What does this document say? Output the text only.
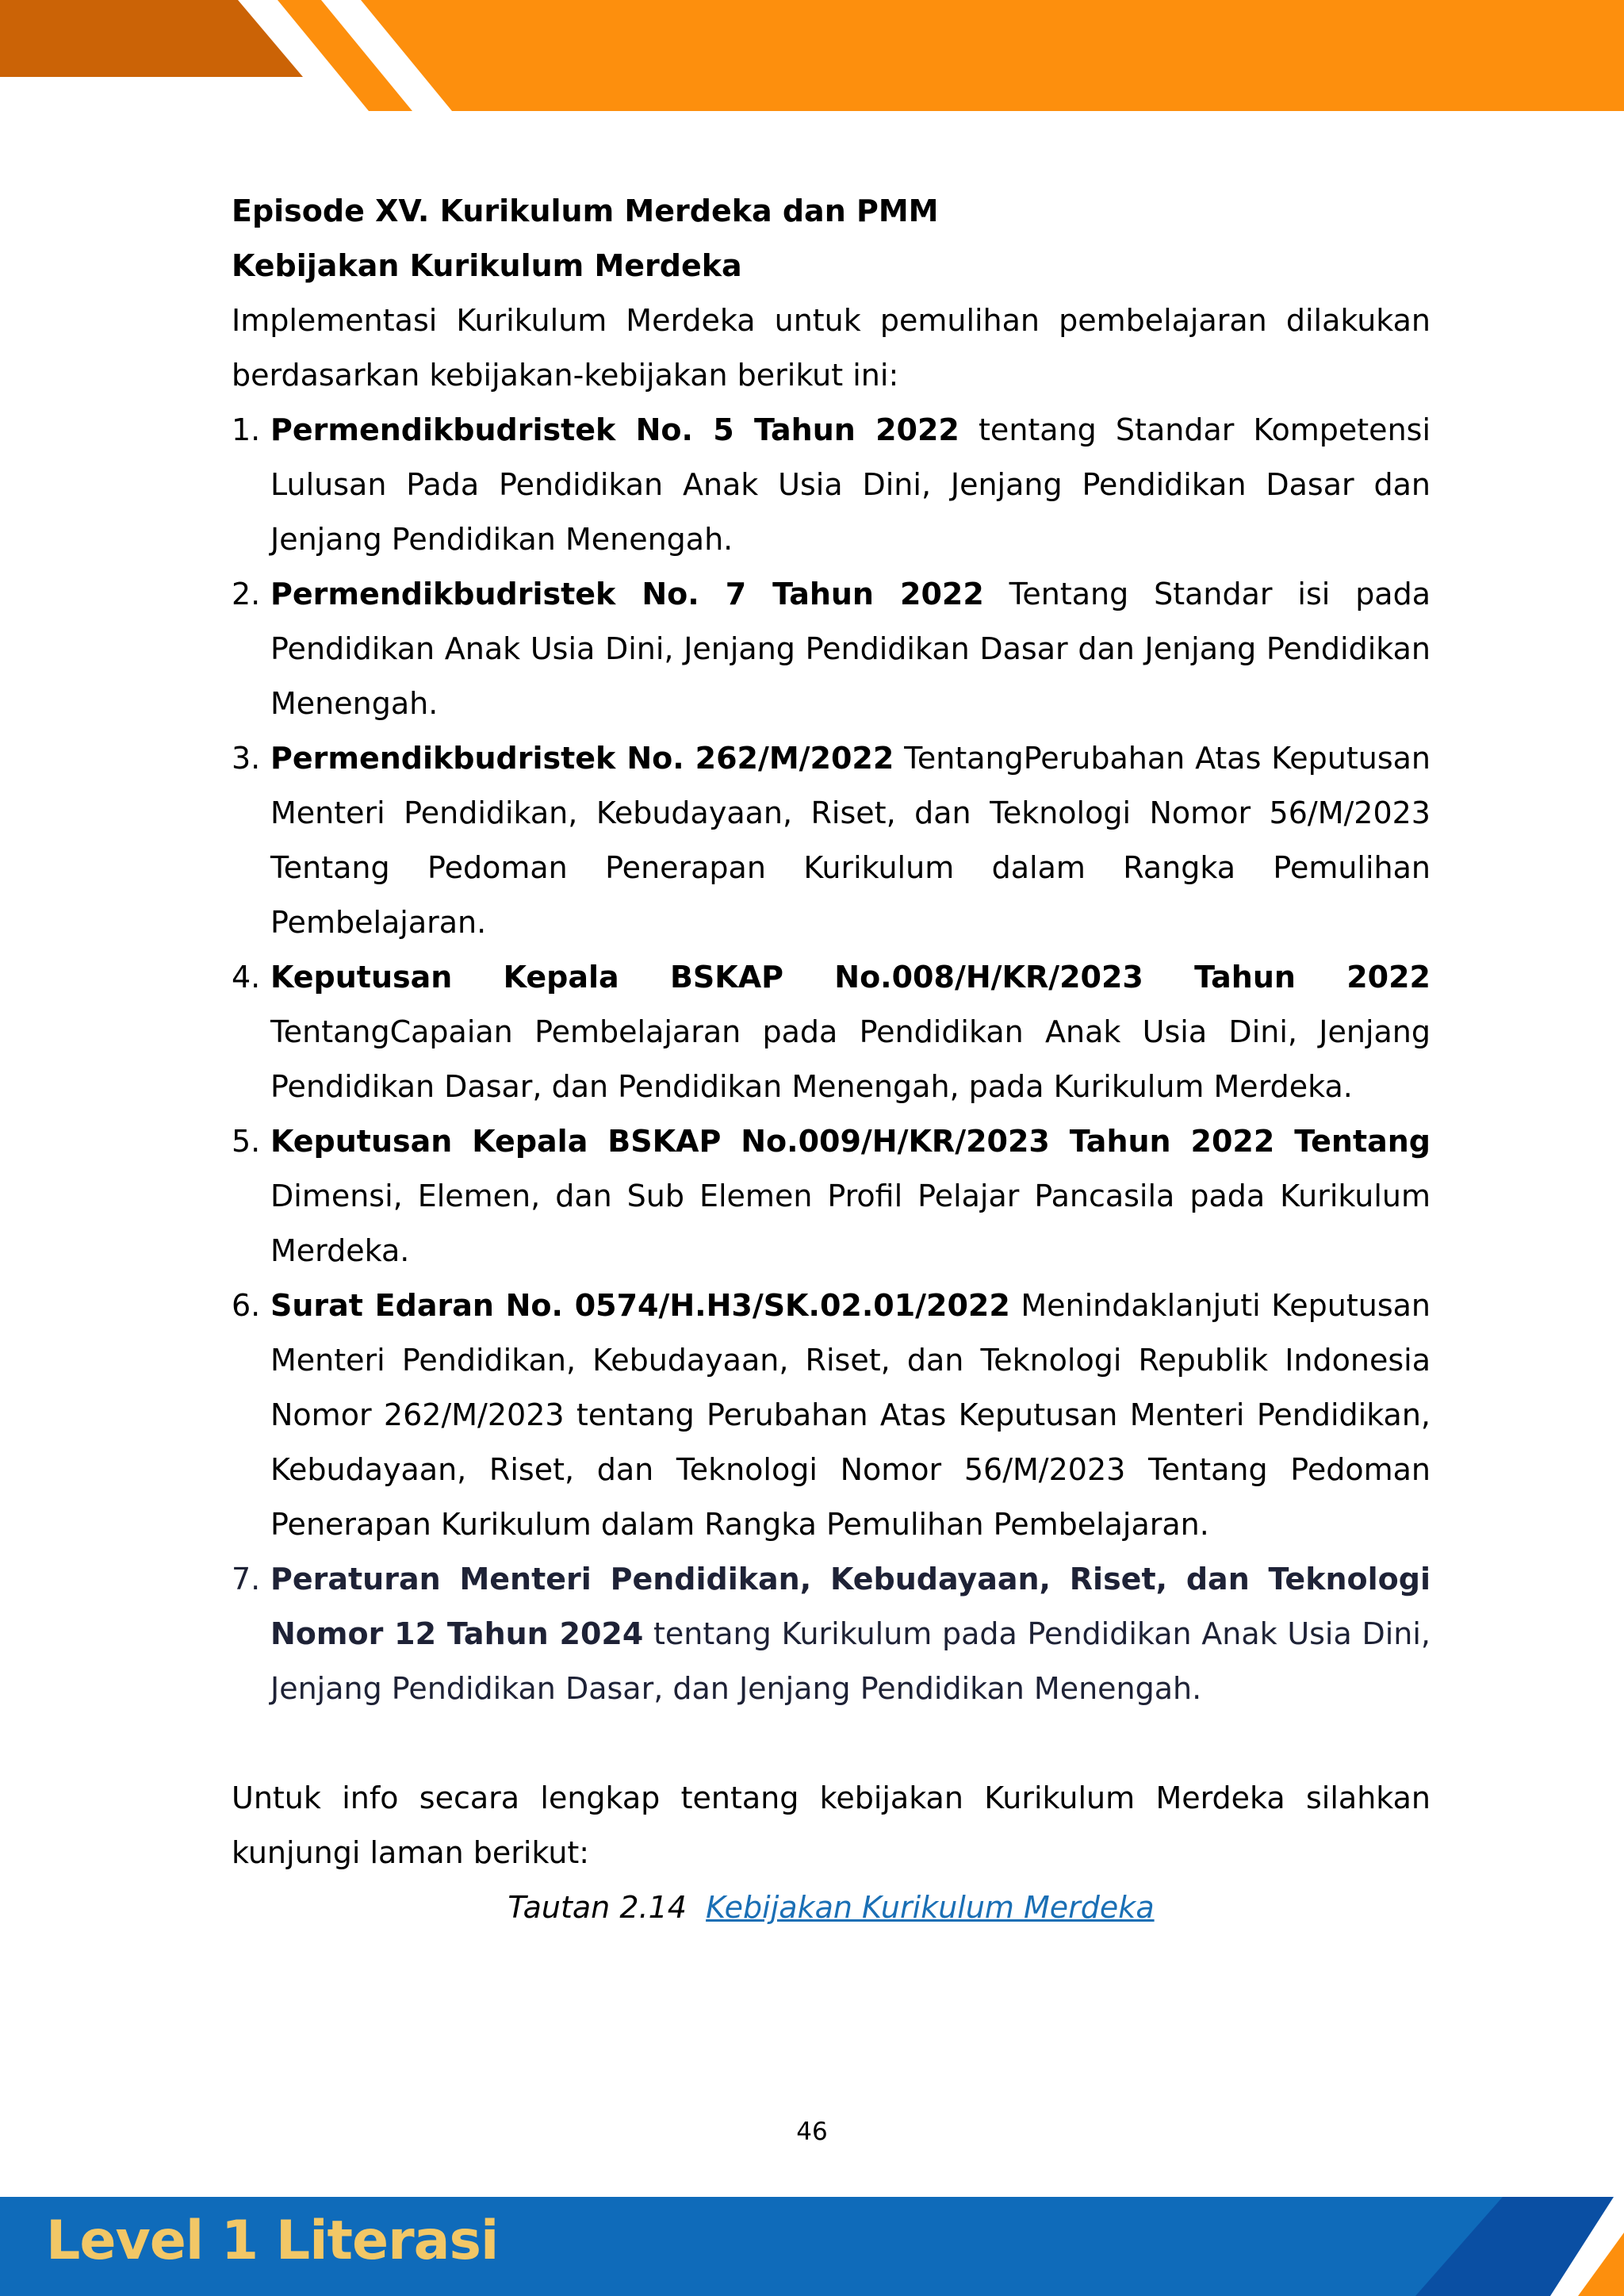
Episode XV. Kurikulum Merdeka dan PMM

Kebijakan Kurikulum Merdeka

Implementasi Kurikulum Merdeka untuk pemulihan pembelajaran dilakukan berdasarkan kebijakan-kebijakan berikut ini:

1. Permendikbudristek No. 5 Tahun 2022 tentang Standar Kompetensi Lulusan Pada Pendidikan Anak Usia Dini, Jenjang Pendidikan Dasar dan Jenjang Pendidikan Menengah.
2. Permendikbudristek No. 7 Tahun 2022 Tentang Standar isi pada Pendidikan Anak Usia Dini, Jenjang Pendidikan Dasar dan Jenjang Pendidikan Menengah.
3. Permendikbudristek No. 262/M/2022 TentangPerubahan Atas Keputusan Menteri Pendidikan, Kebudayaan, Riset, dan Teknologi Nomor 56/M/2023 Tentang Pedoman Penerapan Kurikulum dalam Rangka Pemulihan Pembelajaran.
4. Keputusan Kepala BSKAP No.008/H/KR/2023 Tahun 2022 TentangCapaian Pembelajaran pada Pendidikan Anak Usia Dini, Jenjang Pendidikan Dasar, dan Pendidikan Menengah, pada Kurikulum Merdeka.
5. Keputusan Kepala BSKAP No.009/H/KR/2023 Tahun 2022 Tentang Dimensi, Elemen, dan Sub Elemen Profil Pelajar Pancasila pada Kurikulum Merdeka.
6. Surat Edaran No. 0574/H.H3/SK.02.01/2022 Menindaklanjuti Keputusan Menteri Pendidikan, Kebudayaan, Riset, dan Teknologi Republik Indonesia Nomor 262/M/2023 tentang Perubahan Atas Keputusan Menteri Pendidikan, Kebudayaan, Riset, dan Teknologi Nomor 56/M/2023 Tentang Pedoman Penerapan Kurikulum dalam Rangka Pemulihan Pembelajaran.
7. Peraturan Menteri Pendidikan, Kebudayaan, Riset, dan Teknologi Nomor 12 Tahun 2024 tentang Kurikulum pada Pendidikan Anak Usia Dini, Jenjang Pendidikan Dasar, dan Jenjang Pendidikan Menengah.

Untuk info secara lengkap tentang kebijakan Kurikulum Merdeka silahkan kunjungi laman berikut:

Tautan 2.14 Kebijakan Kurikulum Merdeka

46
Level 1 Literasi
